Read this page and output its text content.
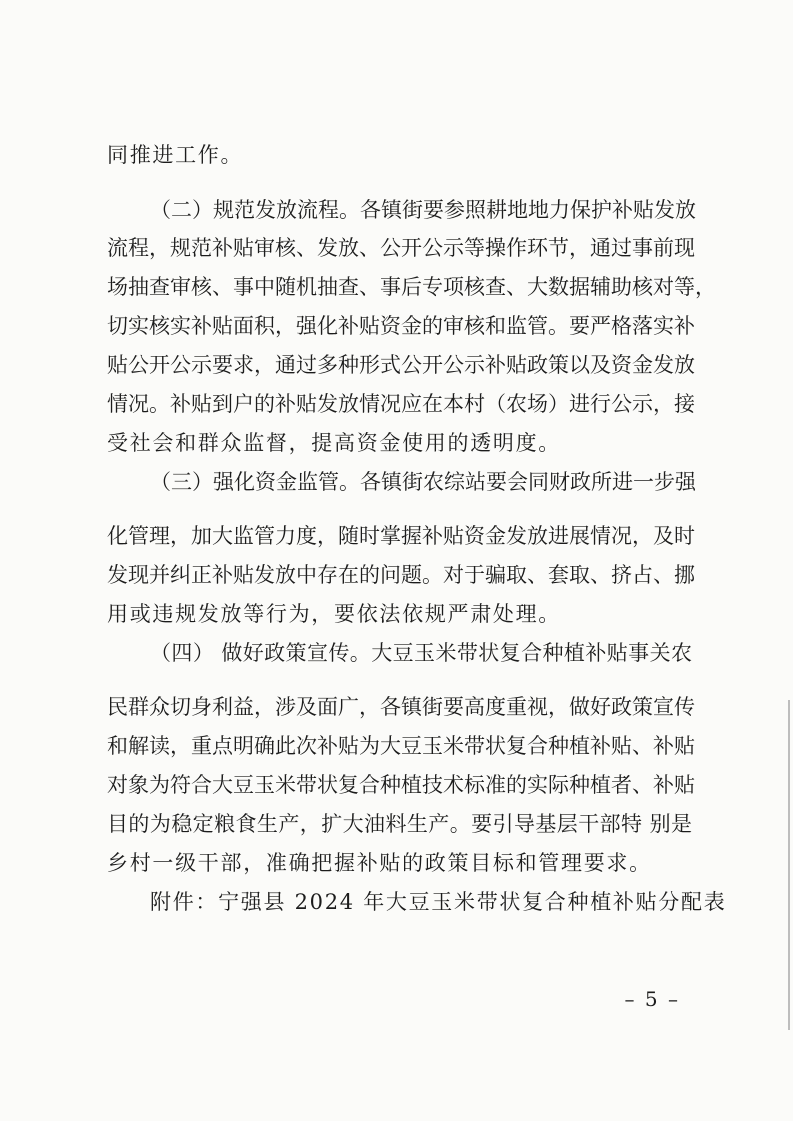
同推进工作。
（二）规范发放流程。各镇街要参照耕地地力保护补贴发放
流程，规范补贴审核、发放、公开公示等操作环节，通过事前现
场抽查审核、事中随机抽查、事后专项核查、大数据辅助核对等，
切实核实补贴面积，强化补贴资金的审核和监管。要严格落实补
贴公开公示要求，通过多种形式公开公示补贴政策以及资金发放
情况。补贴到户的补贴发放情况应在本村（农场）进行公示，接
受社会和群众监督，提高资金使用的透明度。
（三）强化资金监管。各镇街农综站要会同财政所进一步强
化管理，加大监管力度，随时掌握补贴资金发放进展情况，及时
发现并纠正补贴发放中存在的问题。对于骗取、套取、挤占、挪
用或违规发放等行为，要依法依规严肃处理。
（四） 做好政策宣传。大豆玉米带状复合种植补贴事关农
民群众切身利益，涉及面广，各镇街要高度重视，做好政策宣传
和解读，重点明确此次补贴为大豆玉米带状复合种植补贴、补贴
对象为符合大豆玉米带状复合种植技术标准的实际种植者、补贴
目的为稳定粮食生产，扩大油料生产。要引导基层干部特 别是
乡村一级干部，准确把握补贴的政策目标和管理要求。
附件：宁强县 2024 年大豆玉米带状复合种植补贴分配表
– 5 –
